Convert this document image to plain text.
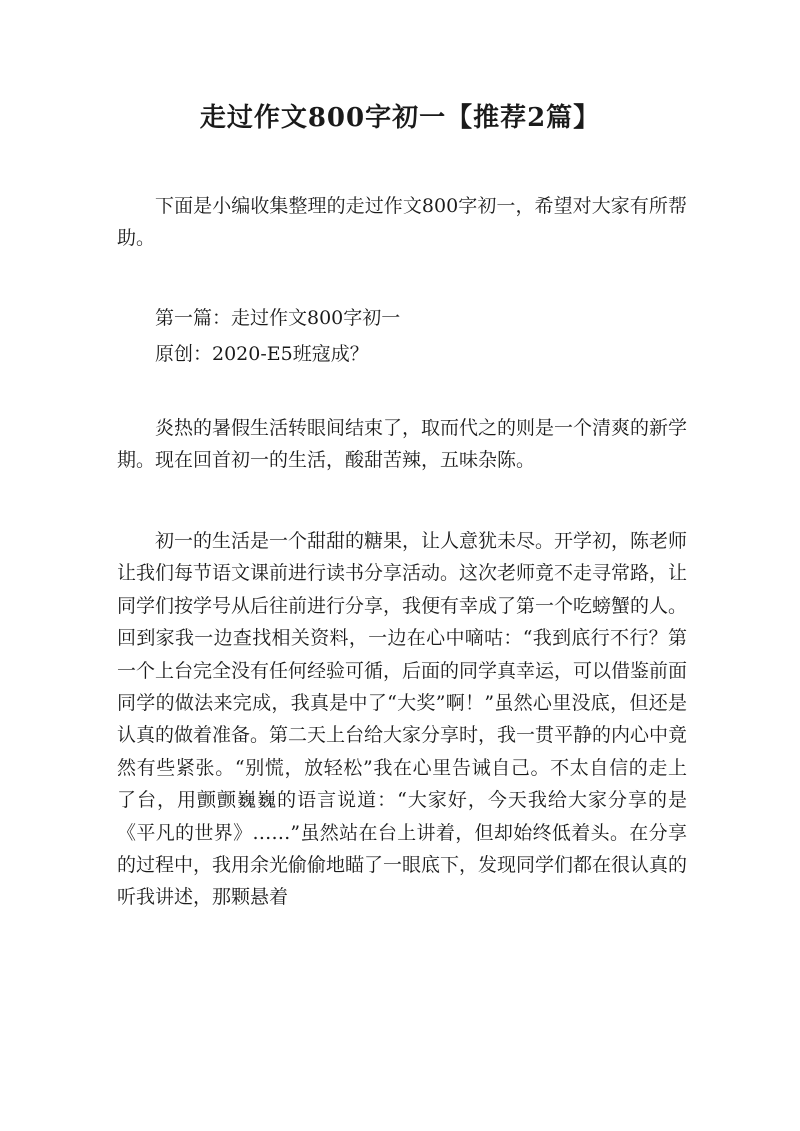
走过作文800字初一【推荐2篇】

下面是小编收集整理的走过作文800字初一，希望对大家有所帮助。

第一篇：走过作文800字初一

原创：2020-E5班寇成？

炎热的暑假生活转眼间结束了，取而代之的则是一个清爽的新学期。现在回首初一的生活，酸甜苦辣，五味杂陈。

初一的生活是一个甜甜的糖果，让人意犹未尽。开学初，陈老师让我们每节语文课前进行读书分享活动。这次老师竟不走寻常路，让同学们按学号从后往前进行分享，我便有幸成了第一个吃螃蟹的人。回到家我一边查找相关资料，一边在心中嘀咕：“我到底行不行？第一个上台完全没有任何经验可循，后面的同学真幸运，可以借鉴前面同学的做法来完成，我真是中了“大奖”啊！”虽然心里没底，但还是认真的做着准备。第二天上台给大家分享时，我一贯平静的内心中竟然有些紧张。“别慌，放轻松”我在心里告诫自己。不太自信的走上了台，用颤颤巍巍的语言说道：“大家好，今天我给大家分享的是《平凡的世界》……”虽然站在台上讲着，但却始终低着头。在分享的过程中，我用余光偷偷地瞄了一眼底下，发现同学们都在很认真的听我讲述，那颗悬着
